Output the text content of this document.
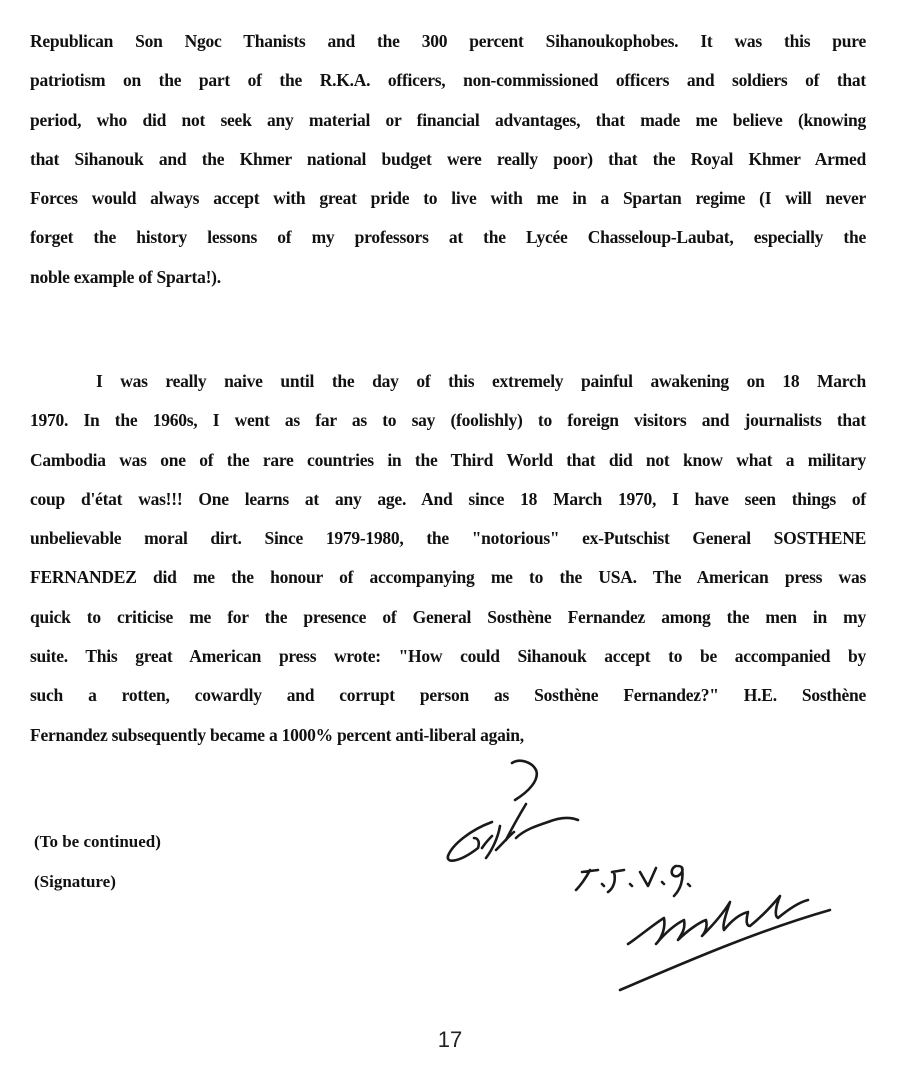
Republican Son Ngoc Thanists and the 300 percent Sihanoukophobes. It was this pure
patriotism on the part of the R.K.A. officers, non-commissioned officers and soldiers of that
period, who did not seek any material or financial advantages, that made me believe (knowing
that Sihanouk and the Khmer national budget were really poor) that the Royal Khmer Armed
Forces would always accept with great pride to live with me in a Spartan regime (I will never
forget the history lessons of my professors at the Lycée Chasseloup-Laubat, especially the
noble example of Sparta!).

I was really naive until the day of this extremely painful awakening on 18 March
1970. In the 1960s, I went as far as to say (foolishly) to foreign visitors and journalists that
Cambodia was one of the rare countries in the Third World that did not know what a military
coup d'état was!!! One learns at any age. And since 18 March 1970, I have seen things of
unbelievable moral dirt. Since 1979-1980, the "notorious" ex-Putschist General SOSTHENE
FERNANDEZ did me the honour of accompanying me to the USA. The American press was
quick to criticise me for the presence of General Sosthène Fernandez among the men in my
suite. This great American press wrote: "How could Sihanouk accept to be accompanied by
such a rotten, cowardly and corrupt person as Sosthène Fernandez?" H.E. Sosthène
Fernandez subsequently became a 1000% percent anti-liberal again,

(To be continued)
(Signature)
17
